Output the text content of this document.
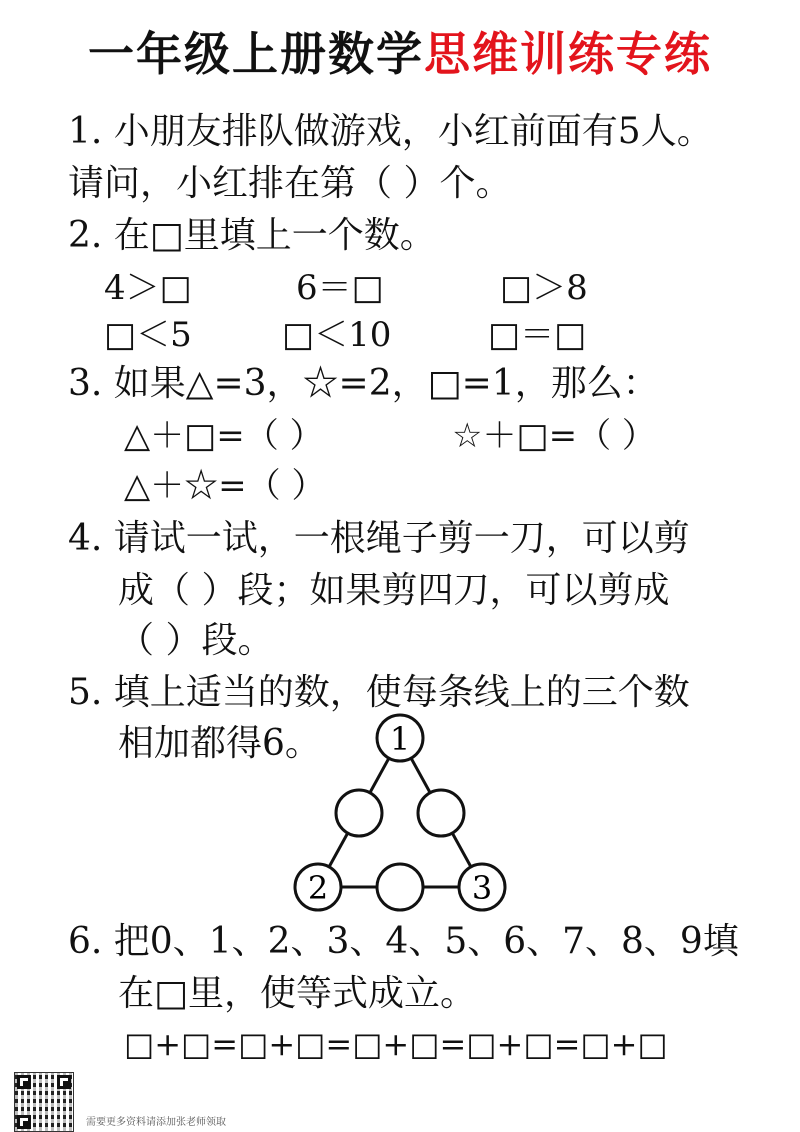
一年级上册数学思维训练专练
1. 小朋友排队做游戏，小红前面有5人。
请问，小红排在第（ ）个。
2. 在□里填上一个数。
4＞□	6＝□	□＞8
□＜5	□＜10	□＝□
3. 如果△=3，☆=2，□=1，那么：
△＋□=（ ）	☆＋□=（ ）
△＋☆=（ ）
4. 请试一试，一根绳子剪一刀，可以剪
成（ ）段；如果剪四刀，可以剪成
（ ）段。
5. 填上适当的数，使每条线上的三个数
相加都得6。 1
2	3
6. 把0、1、2、3、4、5、6、7、8、9填
在□里，使等式成立。
□+□=□+□=□+□=□+□=□+□
需要更多资料请添加张老师领取
